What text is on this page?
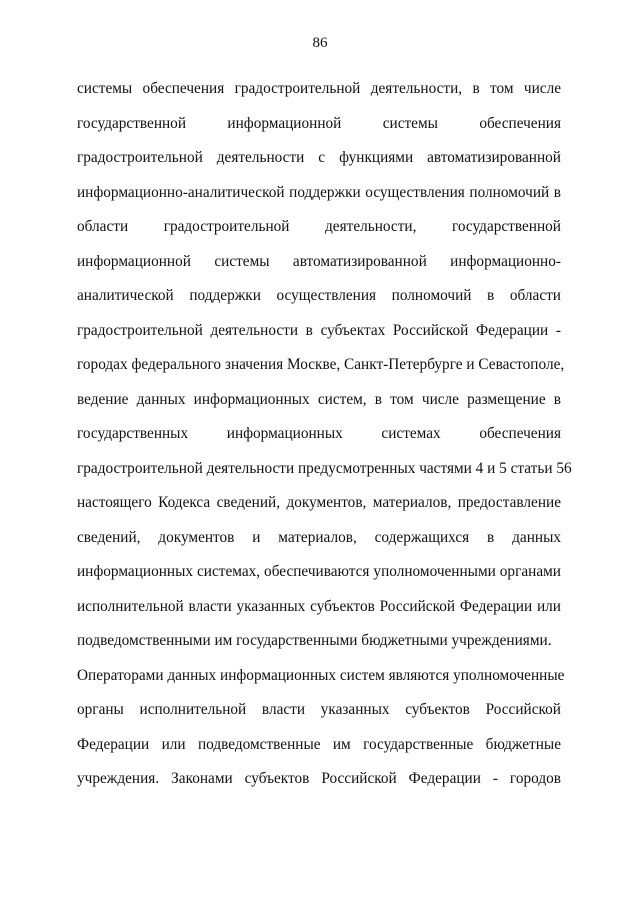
86
системы обеспечения градостроительной деятельности, в том числе
государственной информационной системы обеспечения
градостроительной деятельности с функциями автоматизированной
информационно-аналитической поддержки осуществления полномочий в
области градостроительной деятельности, государственной
информационной системы автоматизированной информационно-
аналитической поддержки осуществления полномочий в области
градостроительной деятельности в субъектах Российской Федерации -
городах федерального значения Москве, Санкт-Петербурге и Севастополе,
ведение данных информационных систем, в том числе размещение в
государственных информационных системах обеспечения
градостроительной деятельности предусмотренных частями 4 и 5 статьи 56
настоящего Кодекса сведений, документов, материалов, предоставление
сведений, документов и материалов, содержащихся в данных
информационных системах, обеспечиваются уполномоченными органами
исполнительной власти указанных субъектов Российской Федерации или
подведомственными им государственными бюджетными учреждениями.
Операторами данных информационных систем являются уполномоченные
органы исполнительной власти указанных субъектов Российской
Федерации или подведомственные им государственные бюджетные
учреждения. Законами субъектов Российской Федерации - городов
